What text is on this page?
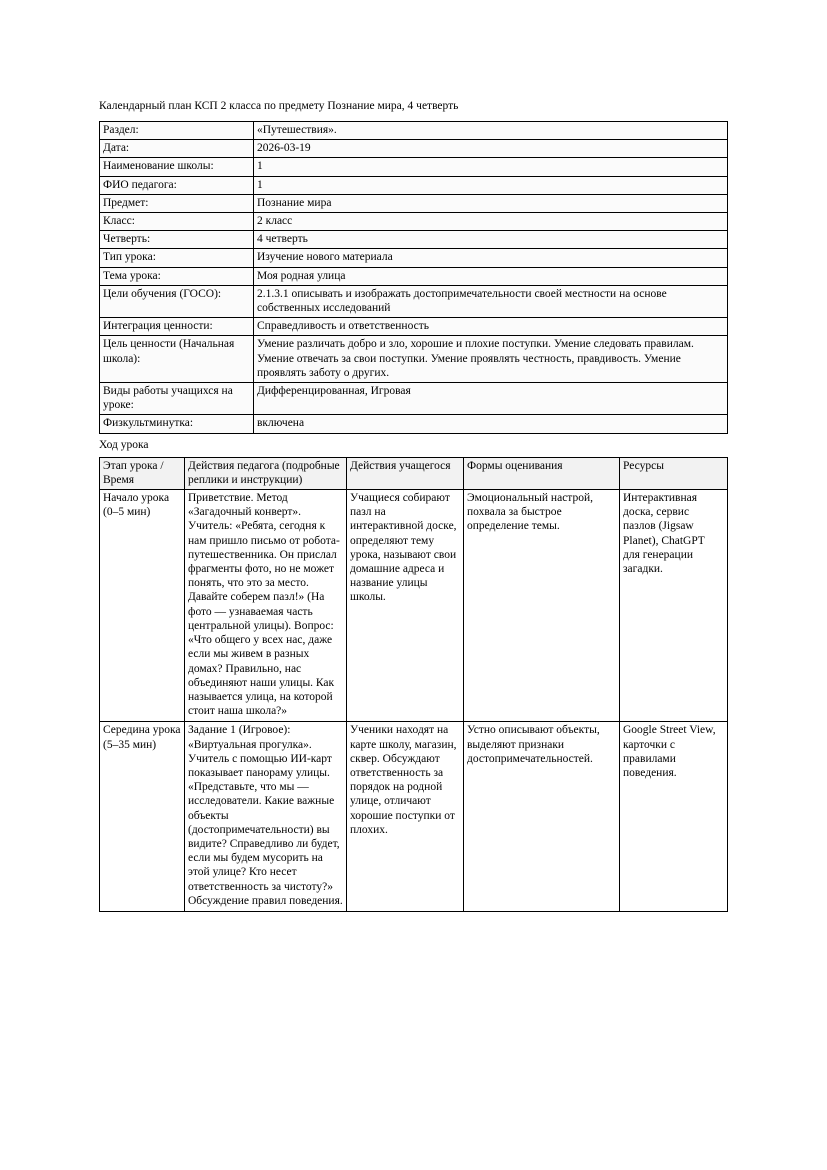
Календарный план КСП 2 класса по предмету Познание мира, 4 четверть

Раздел:	«Путешествия».
Дата:	2026-03-19
Наименование школы:	1
ФИО педагога:	1
Предмет:	Познание мира
Класс:	2 класс
Четверть:	4 четверть
Тип урока:	Изучение нового материала
Тема урока:	Моя родная улица
Цели обучения (ГОСО):	2.1.3.1 описывать и изображать достопримечательности своей местности на основе собственных исследований
Интеграция ценности:	Справедливость и ответственность
Цель ценности (Начальная школа):	Умение различать добро и зло, хорошие и плохие поступки. Умение следовать правилам. Умение отвечать за свои поступки. Умение проявлять честность, правдивость. Умение проявлять заботу о других.
Виды работы учащихся на уроке:	Дифференцированная, Игровая
Физкультминутка:	включена

Ход урока

Этап урока / Время	Действия педагога (подробные реплики и инструкции)	Действия учащегося	Формы оценивания	Ресурсы
Начало урока (0–5 мин)	Приветствие. Метод «Загадочный конверт». Учитель: «Ребята, сегодня к нам пришло письмо от робота-путешественника. Он прислал фрагменты фото, но не может понять, что это за место. Давайте соберем пазл!» (На фото — узнаваемая часть центральной улицы). Вопрос: «Что общего у всех нас, даже если мы живем в разных домах? Правильно, нас объединяют наши улицы. Как называется улица, на которой стоит наша школа?»	Учащиеся собирают пазл на интерактивной доске, определяют тему урока, называют свои домашние адреса и название улицы школы.	Эмоциональный настрой, похвала за быстрое определение темы.	Интерактивная доска, сервис пазлов (Jigsaw Planet), ChatGPT для генерации загадки.
Середина урока (5–35 мин)	Задание 1 (Игровое): «Виртуальная прогулка». Учитель с помощью ИИ-карт показывает панораму улицы. «Представьте, что мы — исследователи. Какие важные объекты (достопримечательности) вы видите? Справедливо ли будет, если мы будем мусорить на этой улице? Кто несет ответственность за чистоту?» Обсуждение правил поведения.	Ученики находят на карте школу, магазин, сквер. Обсуждают ответственность за порядок на родной улице, отличают хорошие поступки от плохих.	Устно описывают объекты, выделяют признаки достопримечательностей.	Google Street View, карточки с правилами поведения.
